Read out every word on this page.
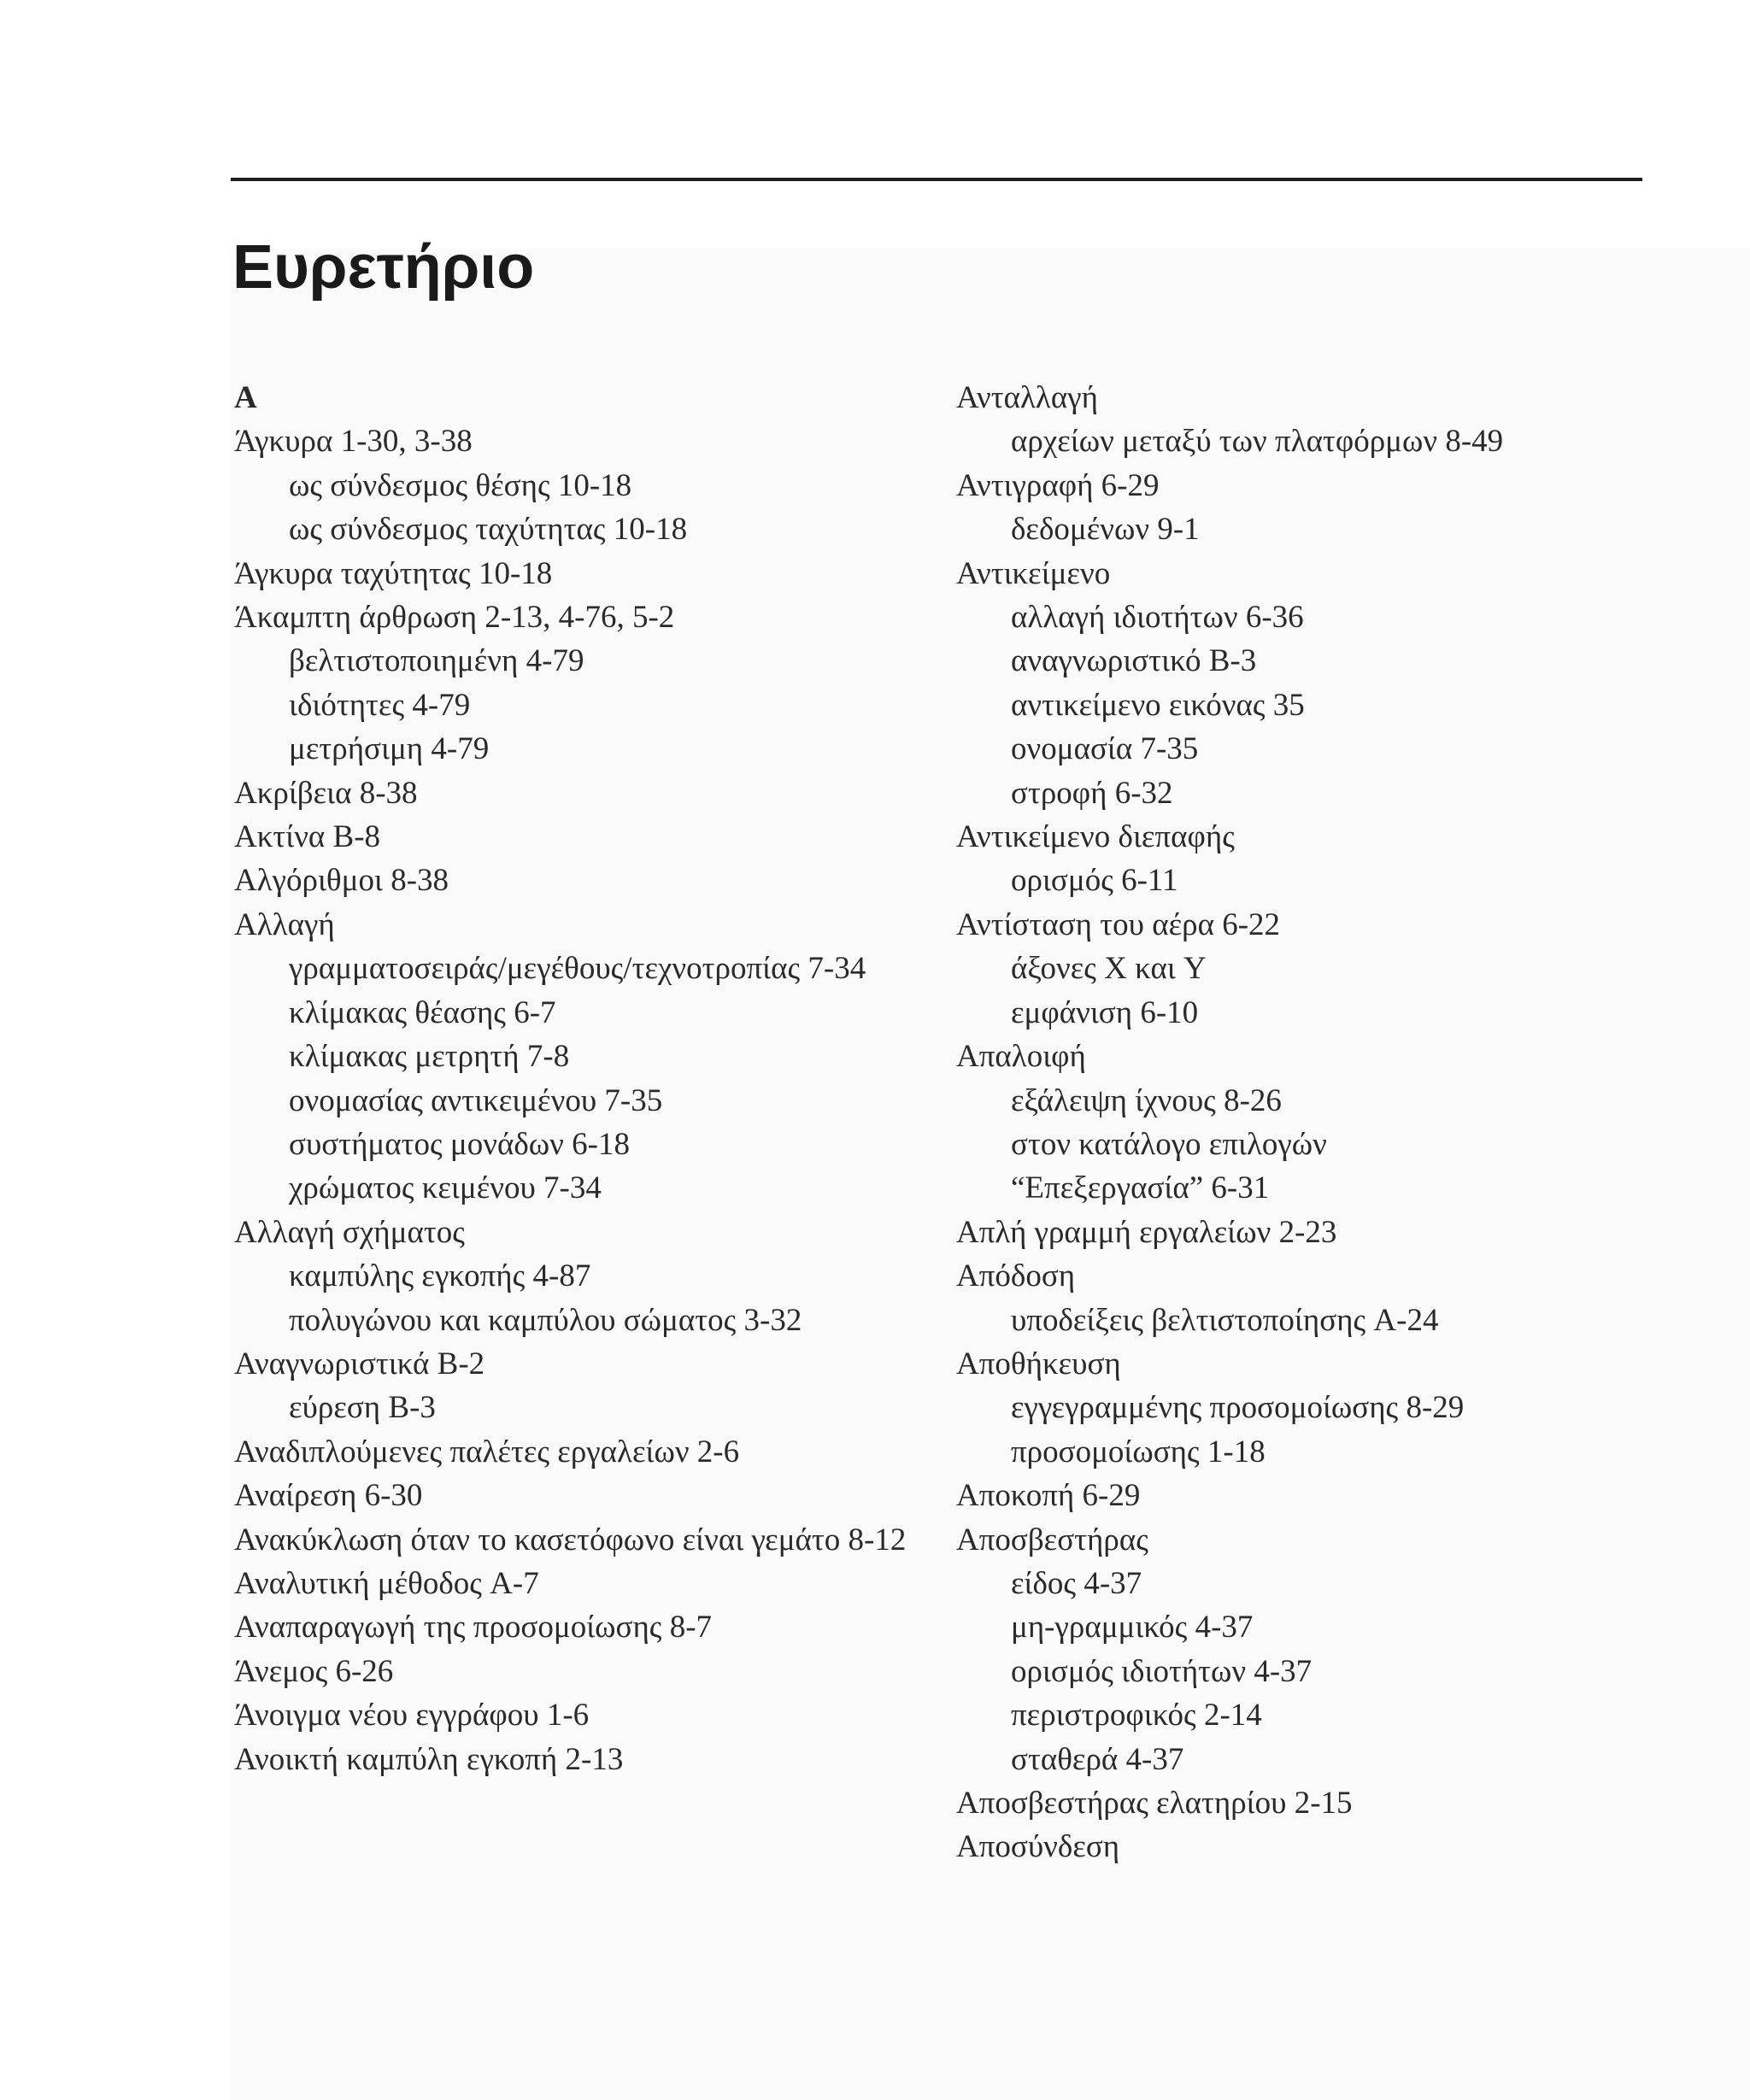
Ευρετήριο
A
Άγκυρα 1-30, 3-38
ως σύνδεσμος θέσης 10-18
ως σύνδεσμος ταχύτητας 10-18
Άγκυρα ταχύτητας 10-18
Άκαμπτη άρθρωση 2-13, 4-76, 5-2
βελτιστοποιημένη 4-79
ιδιότητες 4-79
μετρήσιμη 4-79
Ακρίβεια 8-38
Ακτίνα B-8
Αλγόριθμοι 8-38
Αλλαγή
γραμματοσειράς/μεγέθους/τεχνοτροπίας 7-34
κλίμακας θέασης 6-7
κλίμακας μετρητή 7-8
ονομασίας αντικειμένου 7-35
συστήματος μονάδων 6-18
χρώματος κειμένου 7-34
Αλλαγή σχήματος
καμπύλης εγκοπής 4-87
πολυγώνου και καμπύλου σώματος 3-32
Αναγνωριστικά B-2
εύρεση B-3
Αναδιπλούμενες παλέτες εργαλείων 2-6
Αναίρεση 6-30
Ανακύκλωση όταν το κασετόφωνο είναι γεμάτο 8-12
Αναλυτική μέθοδος A-7
Αναπαραγωγή της προσομοίωσης 8-7
Άνεμος 6-26
Άνοιγμα νέου εγγράφου 1-6
Ανοικτή καμπύλη εγκοπή 2-13
Ανταλλαγή
αρχείων μεταξύ των πλατφόρμων 8-49
Αντιγραφή 6-29
δεδομένων 9-1
Αντικείμενο
αλλαγή ιδιοτήτων 6-36
αναγνωριστικό B-3
αντικείμενο εικόνας 35
ονομασία 7-35
στροφή 6-32
Αντικείμενο διεπαφής
ορισμός 6-11
Αντίσταση του αέρα 6-22
άξονες X και Y
εμφάνιση 6-10
Απαλοιφή
εξάλειψη ίχνους 8-26
στον κατάλογο επιλογών
“Επεξεργασία” 6-31
Απλή γραμμή εργαλείων 2-23
Απόδοση
υποδείξεις βελτιστοποίησης A-24
Αποθήκευση
εγγεγραμμένης προσομοίωσης 8-29
προσομοίωσης 1-18
Αποκοπή 6-29
Αποσβεστήρας
είδος 4-37
μη-γραμμικός 4-37
ορισμός ιδιοτήτων 4-37
περιστροφικός 2-14
σταθερά 4-37
Αποσβεστήρας ελατηρίου 2-15
Αποσύνδεση
